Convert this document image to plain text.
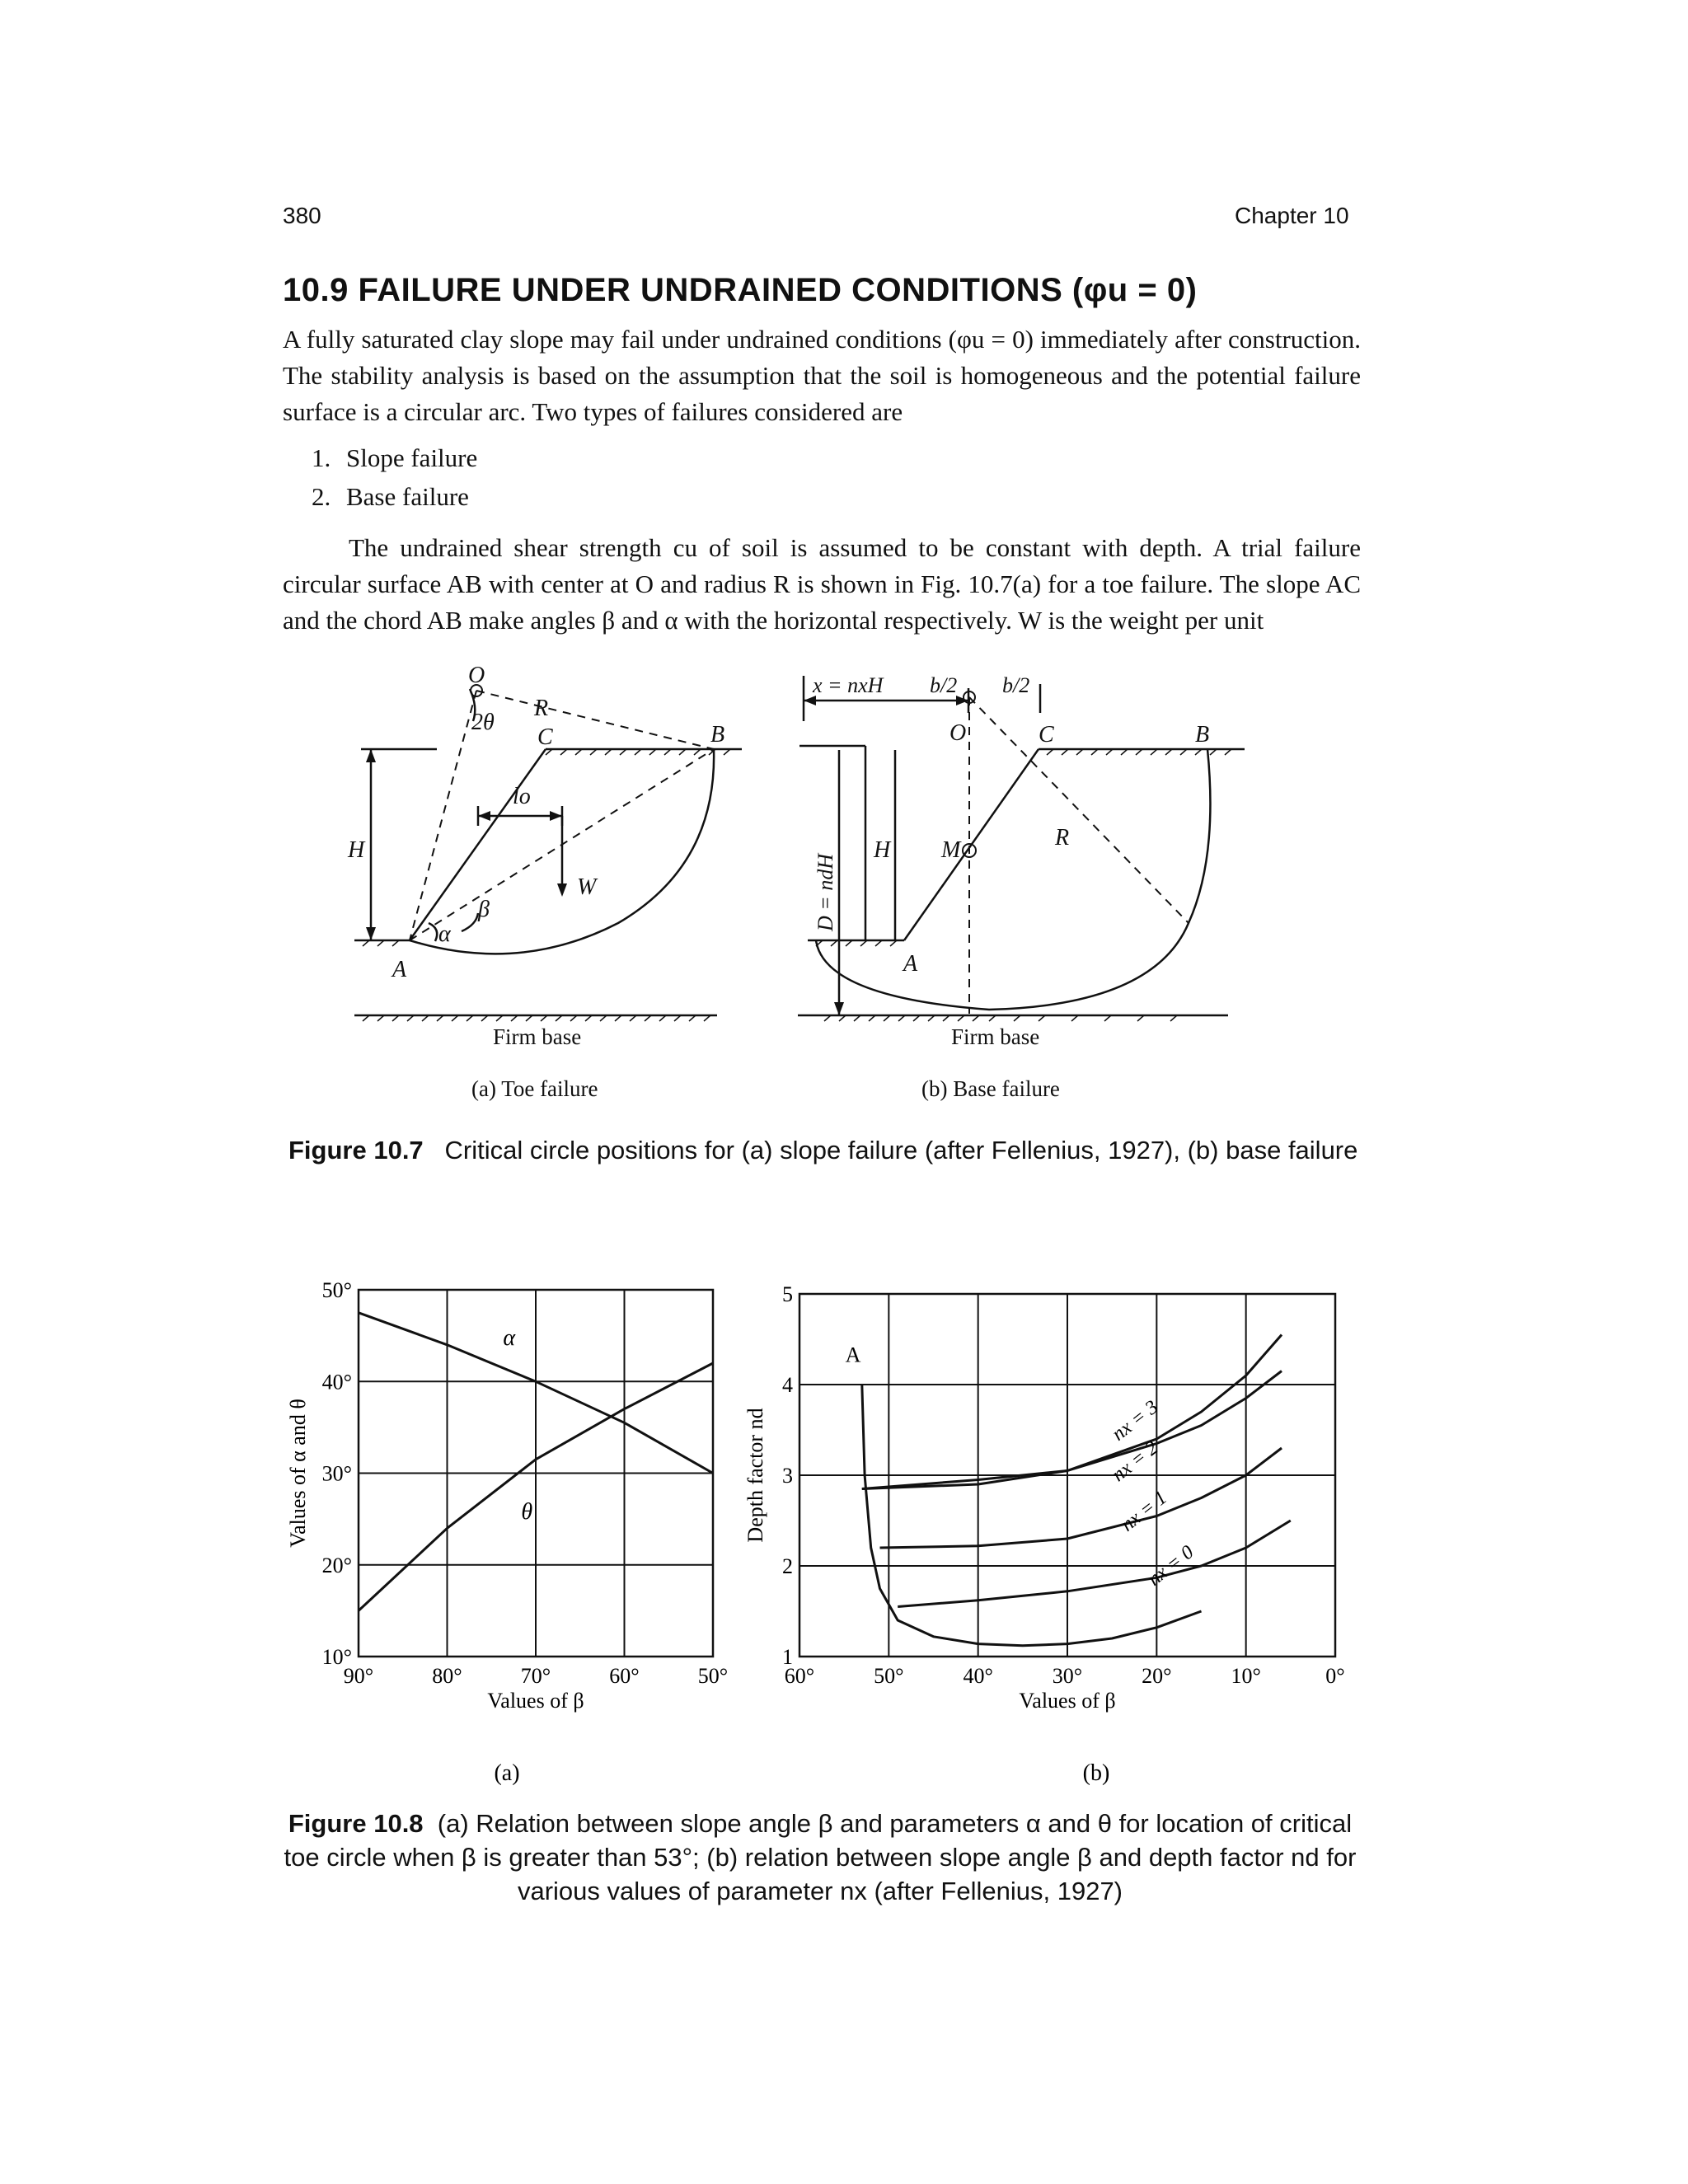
380	Chapter 10
10.9 FAILURE UNDER UNDRAINED CONDITIONS (φu = 0)

A fully saturated clay slope may fail under undrained conditions (φu = 0) immediately after construction. The stability analysis is based on the assumption that the soil is homogeneous and the potential failure surface is a circular arc. Two types of failures considered are

1. Slope failure
2. Base failure

The undrained shear strength cu of soil is assumed to be constant with depth. A trial failure circular surface AB with center at O and radius R is shown in Fig. 10.7(a) for a toe failure. The slope AC and the chord AB make angles β and α with the horizontal respectively. W is the weight per unit

O
R
C	B
H
A
W
2θ
lo
α
β
O	C	B
H M	R
A
x = nxH b/2 b/2
D = ndH
Firm base	Firm base
(a) Toe failure	(b) Base failure
Figure 10.7 Critical circle positions for (a) slope failure (after Fellenius, 1927), (b) base failure
90°	80°	70°	60°	50°
10°
20°
30°
40°
50°
Values of β
Values of α and θ
α
θ
60°	50°	40°	30°	20°	10°	0°
1
2
3
4
5
Values of β
Depth factor nd
A
nx = 3
nx = 2
nx = 1
nx = 0
(a)	(b)
Figure 10.8 (a) Relation between slope angle β and parameters α and θ for location of critical toe circle when β is greater than 53°; (b) relation between slope angle β and depth factor nd for various values of parameter nx (after Fellenius, 1927)
